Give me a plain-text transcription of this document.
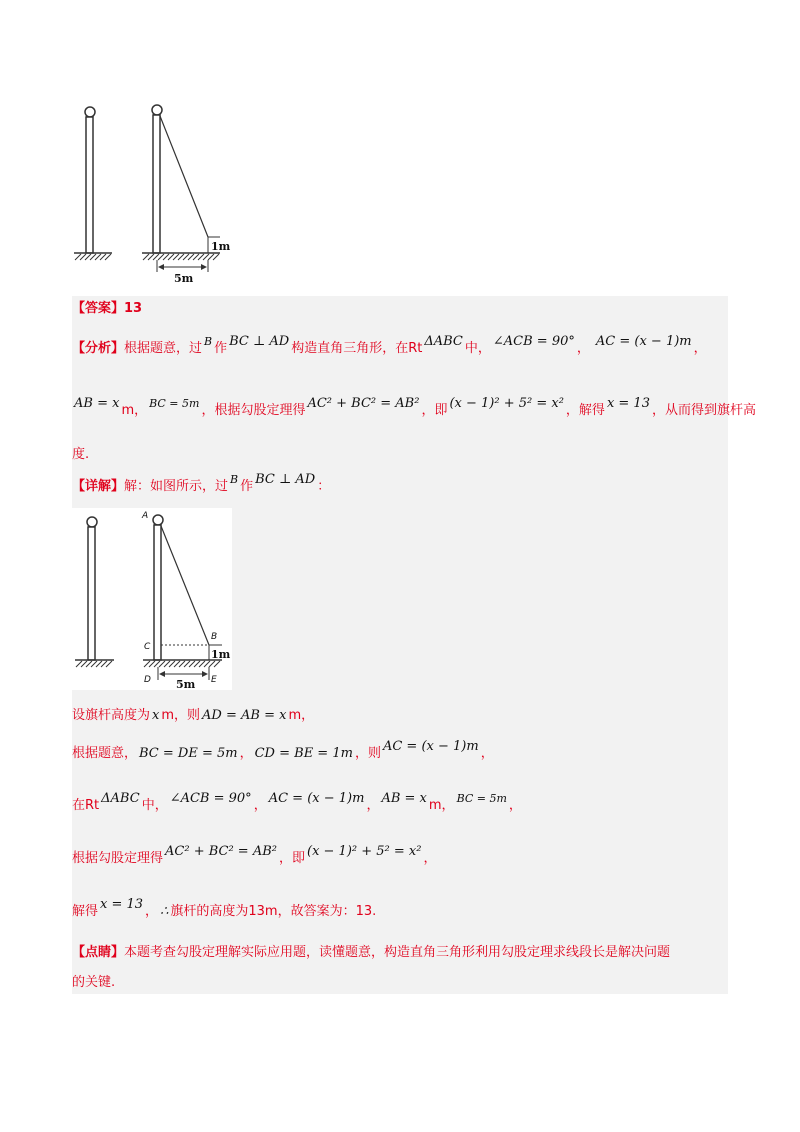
1m
5m
【答案】13
【分析】根据题意，过 $^B$ 作 BC ⊥ AD 构造直角三角形，在Rt ΔABC 中， ∠ACB = 90° ， AC = (x − 1)m ，
AB = x m， $^{BC = 5m}$ ，根据勾股定理得 AC² + BC² = AB² ，即 (x − 1)² + 5² = x² ，解得 x = 13 ，从而得到旗杆高
度.
【详解】解：如图所示，过 $^B$ 作 BC ⊥ AD ：
1m
5m
A
B
C
D	E
设旗杆高度为 x m，则 AD = AB = x m，
根据题意， BC = DE = 5m ， CD = BE = 1m ，则 AC = (x − 1)m ，
在Rt ΔABC 中， ∠ACB = 90° ， AC = (x − 1)m ， AB = x m， $^{BC = 5m}$ ，
根据勾股定理得 AC² + BC² = AB² ，即 (x − 1)² + 5² = x² ，
解得 x = 13 ， ∴ 旗杆的高度为13m，故答案为：13.
【点睛】本题考查勾股定理解实际应用题，读懂题意，构造直角三角形利用勾股定理求线段长是解决问题
的关键.
